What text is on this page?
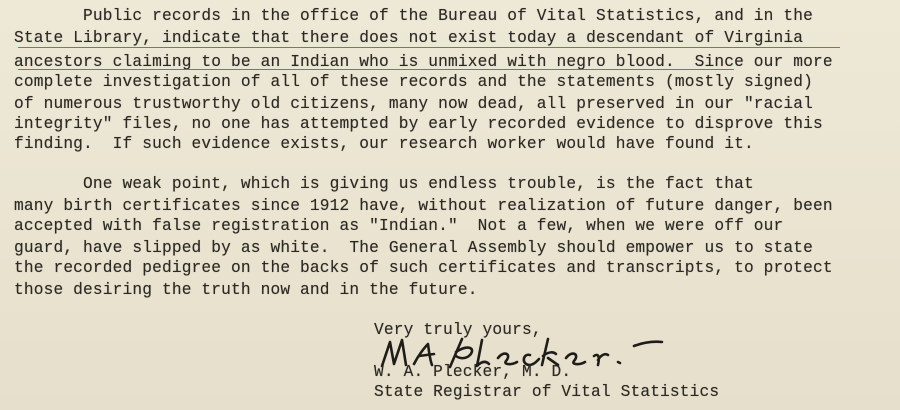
Public records in the office of the Bureau of Vital Statistics, and in the
State Library, indicate that there does not exist today a descendant of Virginia
ancestors claiming to be an Indian who is unmixed with negro blood.  Since our more
complete investigation of all of these records and the statements (mostly signed)
of numerous trustworthy old citizens, many now dead, all preserved in our "racial
integrity" files, no one has attempted by early recorded evidence to disprove this
finding.  If such evidence exists, our research worker would have found it.
One weak point, which is giving us endless trouble, is the fact that
many birth certificates since 1912 have, without realization of future danger, been
accepted with false registration as "Indian."  Not a few, when we were off our
guard, have slipped by as white.  The General Assembly should empower us to state
the recorded pedigree on the backs of such certificates and transcripts, to protect
those desiring the truth now and in the future.
Very truly yours,
W. A. Plecker, M. D.
State Registrar of Vital Statistics
